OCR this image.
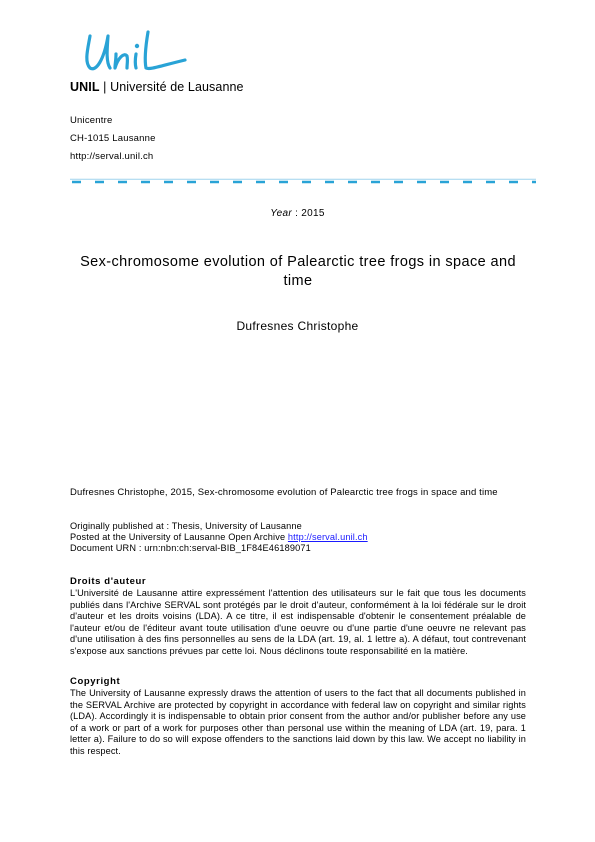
UNIL | Université de Lausanne
Unicentre
CH-1015 Lausanne
http://serval.unil.ch
Year : 2015
Sex-chromosome evolution of Palearctic tree frogs in space and time
Dufresnes Christophe
Dufresnes Christophe, 2015, Sex-chromosome evolution of Palearctic tree frogs in space and time
Originally published at : Thesis, University of Lausanne
Posted at the University of Lausanne Open Archive http://serval.unil.ch
Document URN : urn:nbn:ch:serval-BIB_1F84E46189071
Droits d'auteur
L'Université de Lausanne attire expressément l'attention des utilisateurs sur le fait que tous les documents publiés dans l'Archive SERVAL sont protégés par le droit d'auteur, conformément à la loi fédérale sur le droit d'auteur et les droits voisins (LDA). A ce titre, il est indispensable d'obtenir le consentement préalable de l'auteur et/ou de l'éditeur avant toute utilisation d'une oeuvre ou d'une partie d'une oeuvre ne relevant pas d'une utilisation à des fins personnelles au sens de la LDA (art. 19, al. 1 lettre a). A défaut, tout contrevenant s'expose aux sanctions prévues par cette loi. Nous déclinons toute responsabilité en la matière.
Copyright
The University of Lausanne expressly draws the attention of users to the fact that all documents published in the SERVAL Archive are protected by copyright in accordance with federal law on copyright and similar rights (LDA). Accordingly it is indispensable to obtain prior consent from the author and/or publisher before any use of a work or part of a work for purposes other than personal use within the meaning of LDA (art. 19, para. 1 letter a). Failure to do so will expose offenders to the sanctions laid down by this law. We accept no liability in this respect.
